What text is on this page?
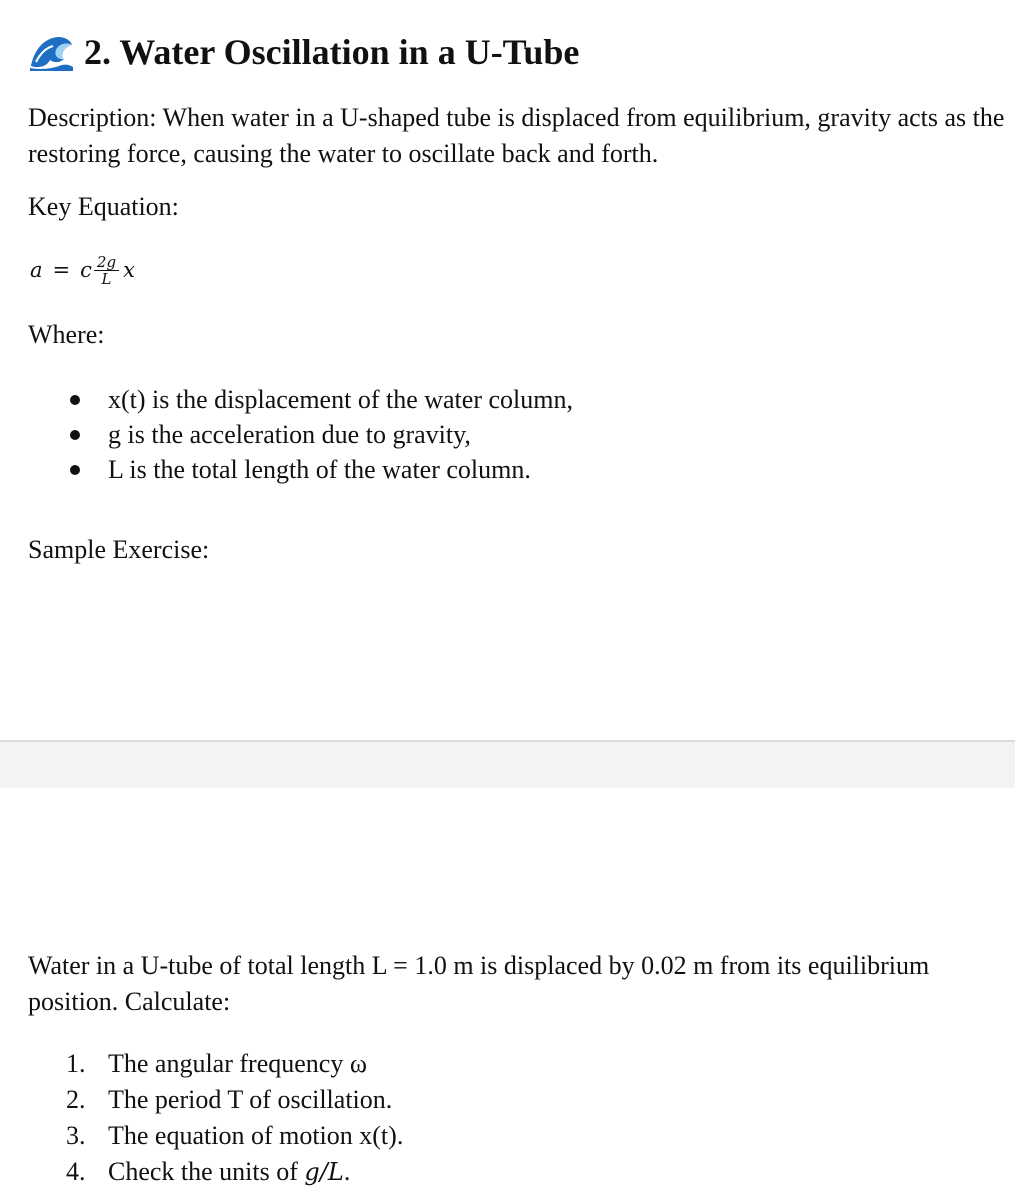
2. Water Oscillation in a U-Tube
Description: When water in a U-shaped tube is displaced from equilibrium, gravity acts as the restoring force, causing the water to oscillate back and forth.
Key Equation:
a = c $\frac{2g}{L}$ x
Where:
x(t) is the displacement of the water column,
g is the acceleration due to gravity,
L is the total length of the water column.
Sample Exercise:
Water in a U-tube of total length L = 1.0 m is displaced by 0.02 m from its equilibrium position. Calculate:
1. The angular frequency ω
2. The period T of oscillation.
3. The equation of motion x(t).
4. Check the units of g/L .
